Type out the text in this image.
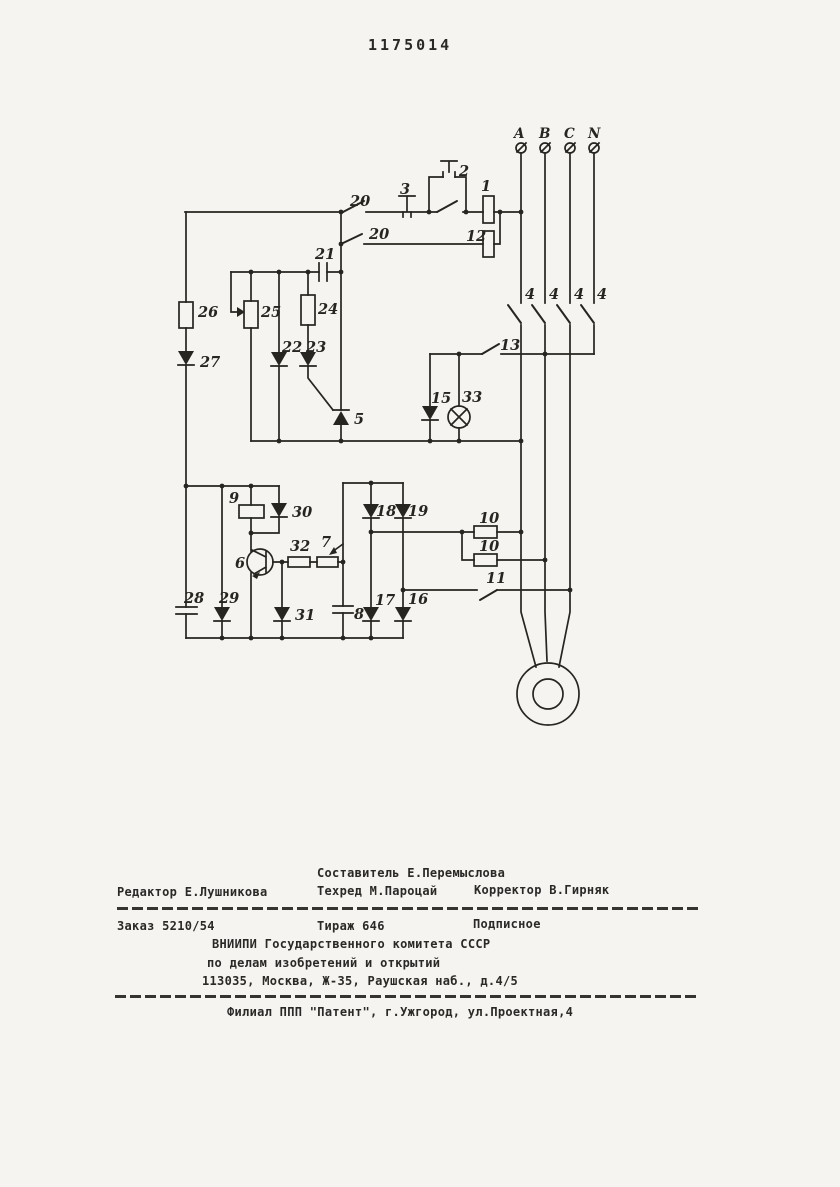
1175014
A B C N
2
3
20
1
20	12
21
26	25	24
22 23
27
5
15 33
13
4 4 4 4
9
30	18 19
6
32 7
10
10
11
28 29
31	8
17 16
Составитель Е.Перемыслова
Редактор Е.Лушникова	Техред М.Пароцай	Корректор В.Гирняк
Заказ 5210/54	Тираж 646	Подписное
ВНИИПИ Государственного комитета СССР
по делам изобретений и открытий
113035, Москва, Ж-35, Раушская наб., д.4/5
Филиал ППП "Патент", г.Ужгород, ул.Проектная,4
